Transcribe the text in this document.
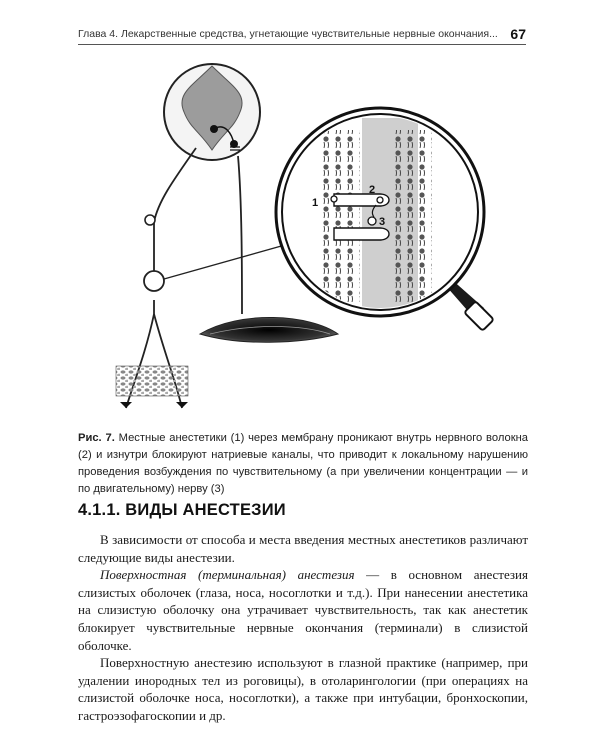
Глава 4. Лекарственные средства, угнетающие чувствительные нервные окончания... 67
1
2
3
Рис. 7. Местные анестетики (1) через мембрану проникают внутрь нервного волокна (2) и изнутри блокируют натриевые каналы, что приводит к локальному нарушению проведения возбуждения по чувствительному (а при увеличении концентрации — и по двигательному) нерву (3)
4.1.1. ВИДЫ АНЕСТЕЗИИ

В зависимости от способа и места введения местных анестетиков различают следующие виды анестезии.

Поверхностная (терминальная) анестезия — в основном анестезия слизистых оболочек (глаза, носа, носоглотки и т.д.). При нанесении анестетика на слизистую оболочку она утрачивает чувствительность, так как анестетик блокирует чувствительные нервные окончания (терминали) в слизистой оболочке.

Поверхностную анестезию используют в глазной практике (например, при удалении инородных тел из роговицы), в отоларингологии (при операциях на слизистой оболочке носа, носоглотки), а также при интубации, бронхоскопии, гастроэзофагоскопии и др.
